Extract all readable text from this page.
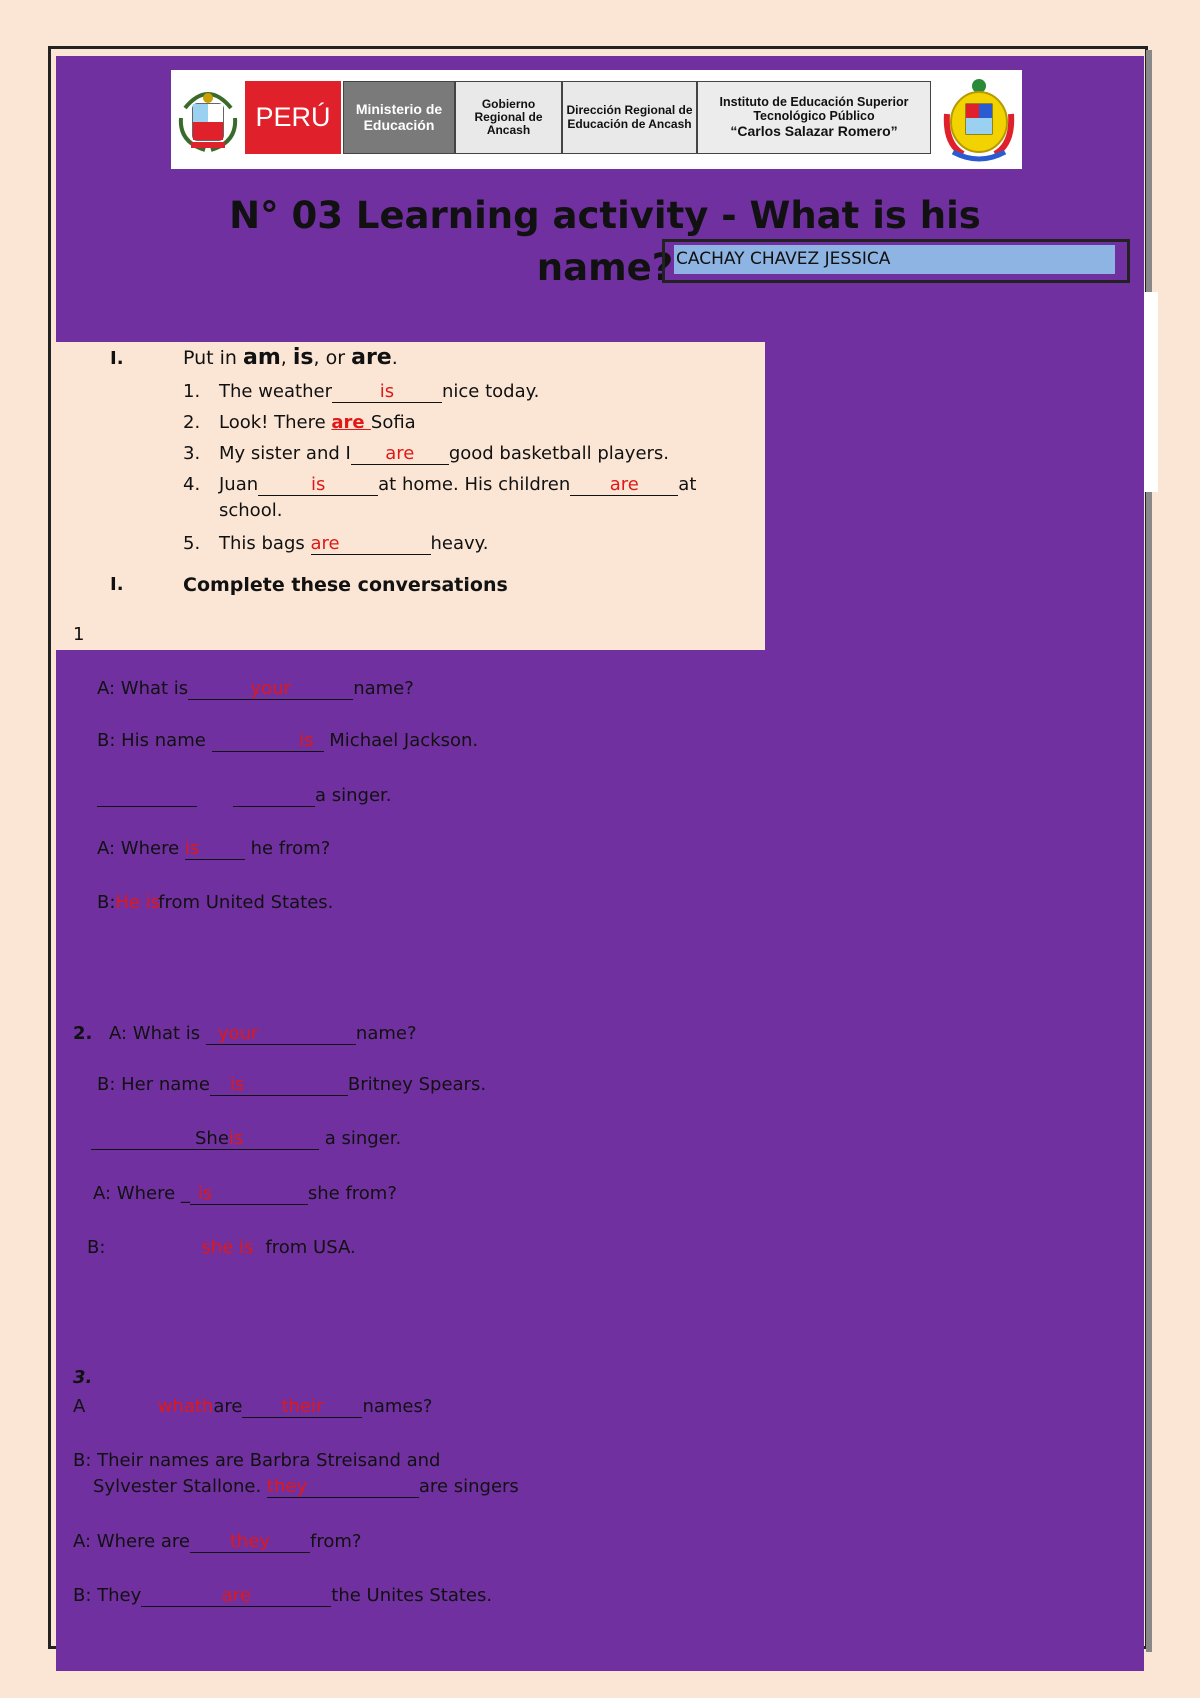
PERÚ	Ministerio de Educación
Gobierno Regional de Ancash
Dirección Regional de Educación de Ancash
Instituto de Educación Superior
Tecnológico Público
“Carlos Salazar Romero”
N° 03 Learning activity - What is his name? CACHAY CHAVEZ JESSICA
I.	Put in am, is, or are.
1. The weather	is	nice today.
2. Look! There are Sofia
3. My sister and I are good basketball players.
4. Juan	is	at home. His children are at
school.
5. This bags are	heavy.
I.	Complete these conversations
1
A: What is	your	name?
B: His name	is Michael Jackson.
a singer.
A: Where is	he from?
B:He is from United States.
2. A: What is your	name?
B: Her name is	Britney Spears.
Sheis	a singer.
A: Where _ is	she from?
B:	she is from USA.
3.
A	whathare their names?
B: Their names are Barbra Streisand and
Sylvester Stallone. they	are singers
A: Where are they from?
B: They	are	the Unites States.
